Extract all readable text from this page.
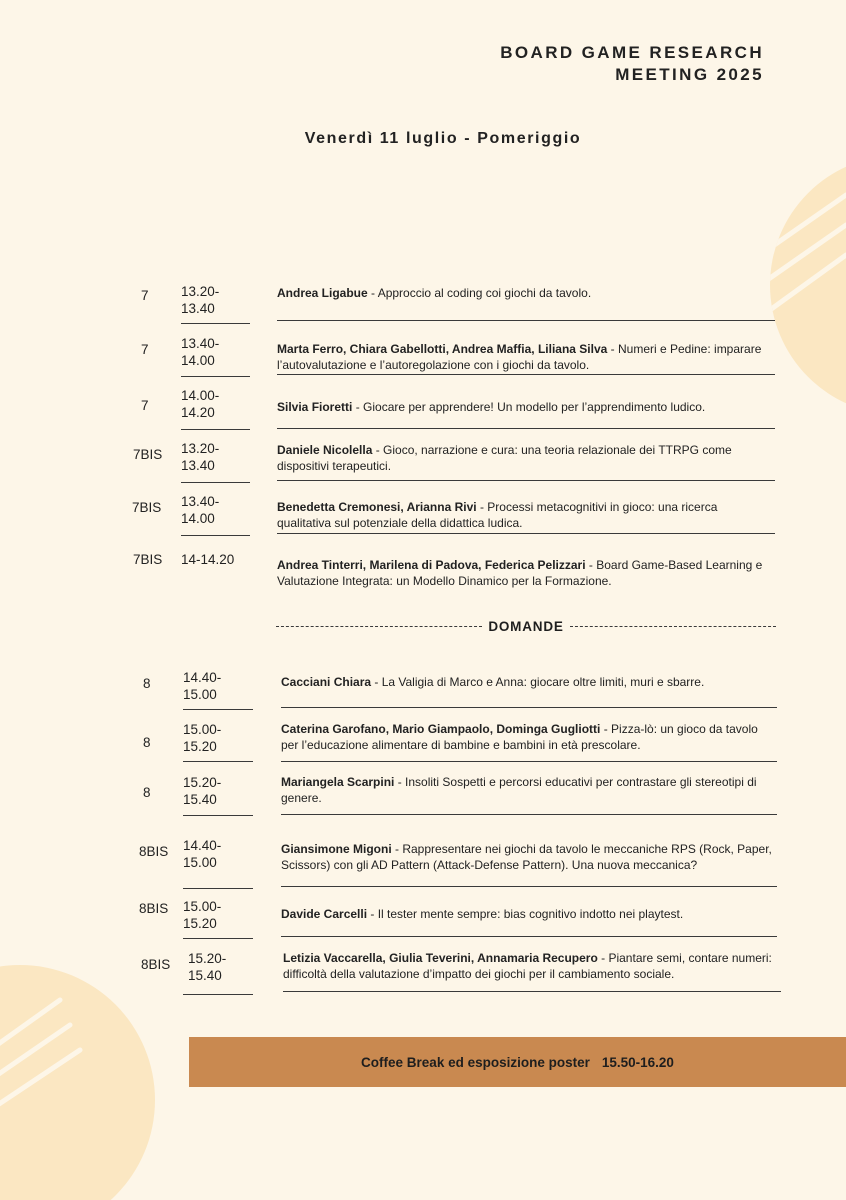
BOARD GAME RESEARCH
MEETING 2025
Venerdì 11 luglio - Pomeriggio
7 13.20-
13.40
Andrea Ligabue - Approccio al coding coi giochi da tavolo.
7 13.40-
14.00
Marta Ferro, Chiara Gabellotti, Andrea Maffia, Liliana Silva - Numeri e Pedine: imparare l’autovalutazione e l’autoregolazione con i giochi da tavolo.
7
14.00-
14.20	Silvia Fioretti - Giocare per apprendere! Un modello per l’apprendimento ludico.
7BIS 13.20-
13.40
Daniele Nicolella - Gioco, narrazione e cura: una teoria relazionale dei TTRPG come dispositivi terapeutici.
7BIS 13.40-
14.00
Benedetta Cremonesi, Arianna Rivi - Processi metacognitivi in gioco: una ricerca qualitativa sul potenziale della didattica ludica.
7BIS 14-14.20	Andrea Tinterri, Marilena di Padova, Federica Pelizzari - Board Game-Based Learning e Valutazione Integrata: un Modello Dinamico per la Formazione.
8 14.40-
15.00
Cacciani Chiara - La Valigia di Marco e Anna: giocare oltre limiti, muri e sbarre.
8
15.00-
15.20
Caterina Garofano, Mario Giampaolo, Dominga Gugliotti - Pizza-lò: un gioco da tavolo per l’educazione alimentare di bambine e bambini in età prescolare.
8
15.20-
15.40
Mariangela Scarpini - Insoliti Sospetti e percorsi educativi per contrastare gli stereotipi di genere.
8BIS 14.40-
15.00
Giansimone Migoni - Rappresentare nei giochi da tavolo le meccaniche RPS (Rock, Paper, Scissors) con gli AD Pattern (Attack-Defense Pattern). Una nuova meccanica?
8BIS 15.00-
15.20
Davide Carcelli - Il tester mente sempre: bias cognitivo indotto nei playtest.
8BIS 15.20-
15.40
Letizia Vaccarella, Giulia Teverini, Annamaria Recupero - Piantare semi, contare numeri: difficoltà della valutazione d’impatto dei giochi per il cambiamento sociale.
DOMANDE
Coffee Break ed esposizione poster 15.50-16.20
